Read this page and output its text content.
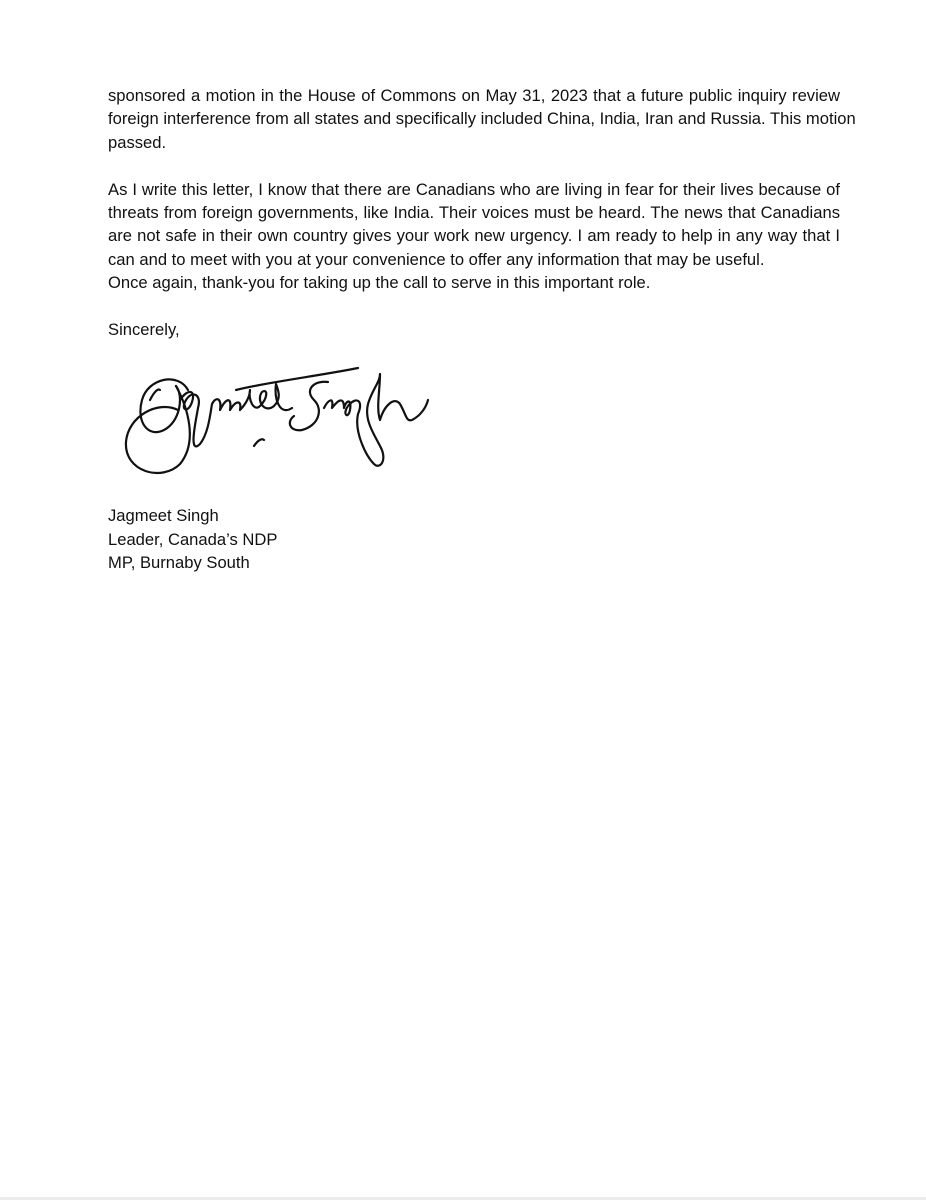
sponsored a motion in the House of Commons on May 31, 2023 that a future public inquiry review
foreign interference from all states and specifically included China, India, Iran and Russia. This motion
passed.

As I write this letter, I know that there are Canadians who are living in fear for their lives because of
threats from foreign governments, like India. Their voices must be heard. The news that Canadians
are not safe in their own country gives your work new urgency. I am ready to help in any way that I
can and to meet with you at your convenience to offer any information that may be useful.
Once again, thank-you for taking up the call to serve in this important role.

Sincerely,

Jagmeet Singh
Leader, Canada’s NDP
MP, Burnaby South
